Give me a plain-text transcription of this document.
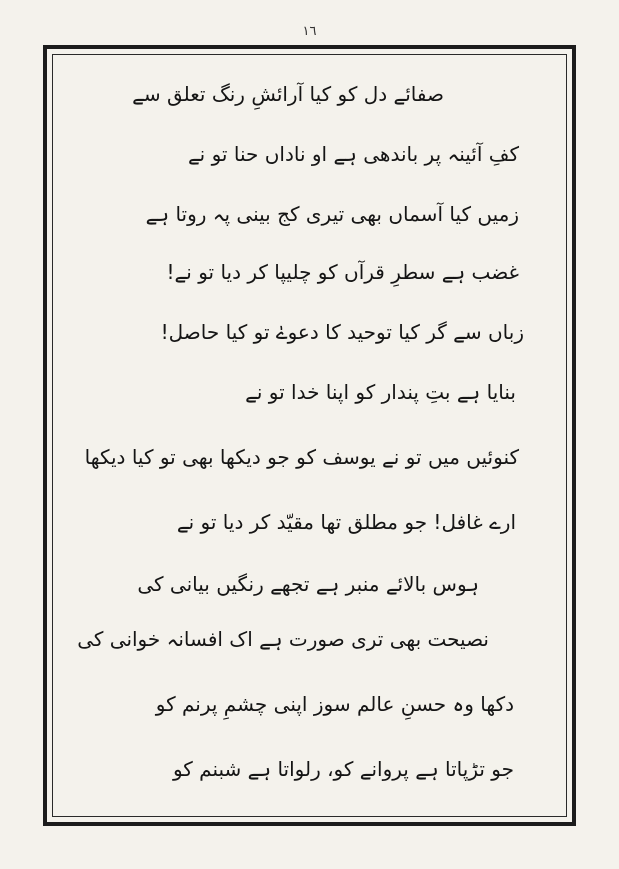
١٦
صفائے دل کو کیا آرائشِ رنگ تعلق سے
کفِ آئینہ پر باندھی ہے او ناداں حنا تو نے
زمیں کیا آسماں بھی تیری کج بینی پہ روتا ہے
غضب ہے سطرِ قرآں کو چلیپا کر دیا تو نے!
زباں سے گر کیا توحید کا دعوےٰ تو کیا حاصل!
بنایا ہے بتِ پندار کو اپنا خدا تو نے
کنوئیں میں تو نے یوسف کو جو دیکھا بھی تو کیا دیکھا
ارے غافل! جو مطلق تھا مقیّد کر دیا تو نے
ہوس بالائے منبر ہے تجھے رنگیں بیانی کی
نصیحت بھی تری صورت ہے اک افسانہ خوانی کی
دکھا وہ حسنِ عالم سوز اپنی چشمِ پرنم کو
جو تڑپاتا ہے پروانے کو، رلواتا ہے شبنم کو
